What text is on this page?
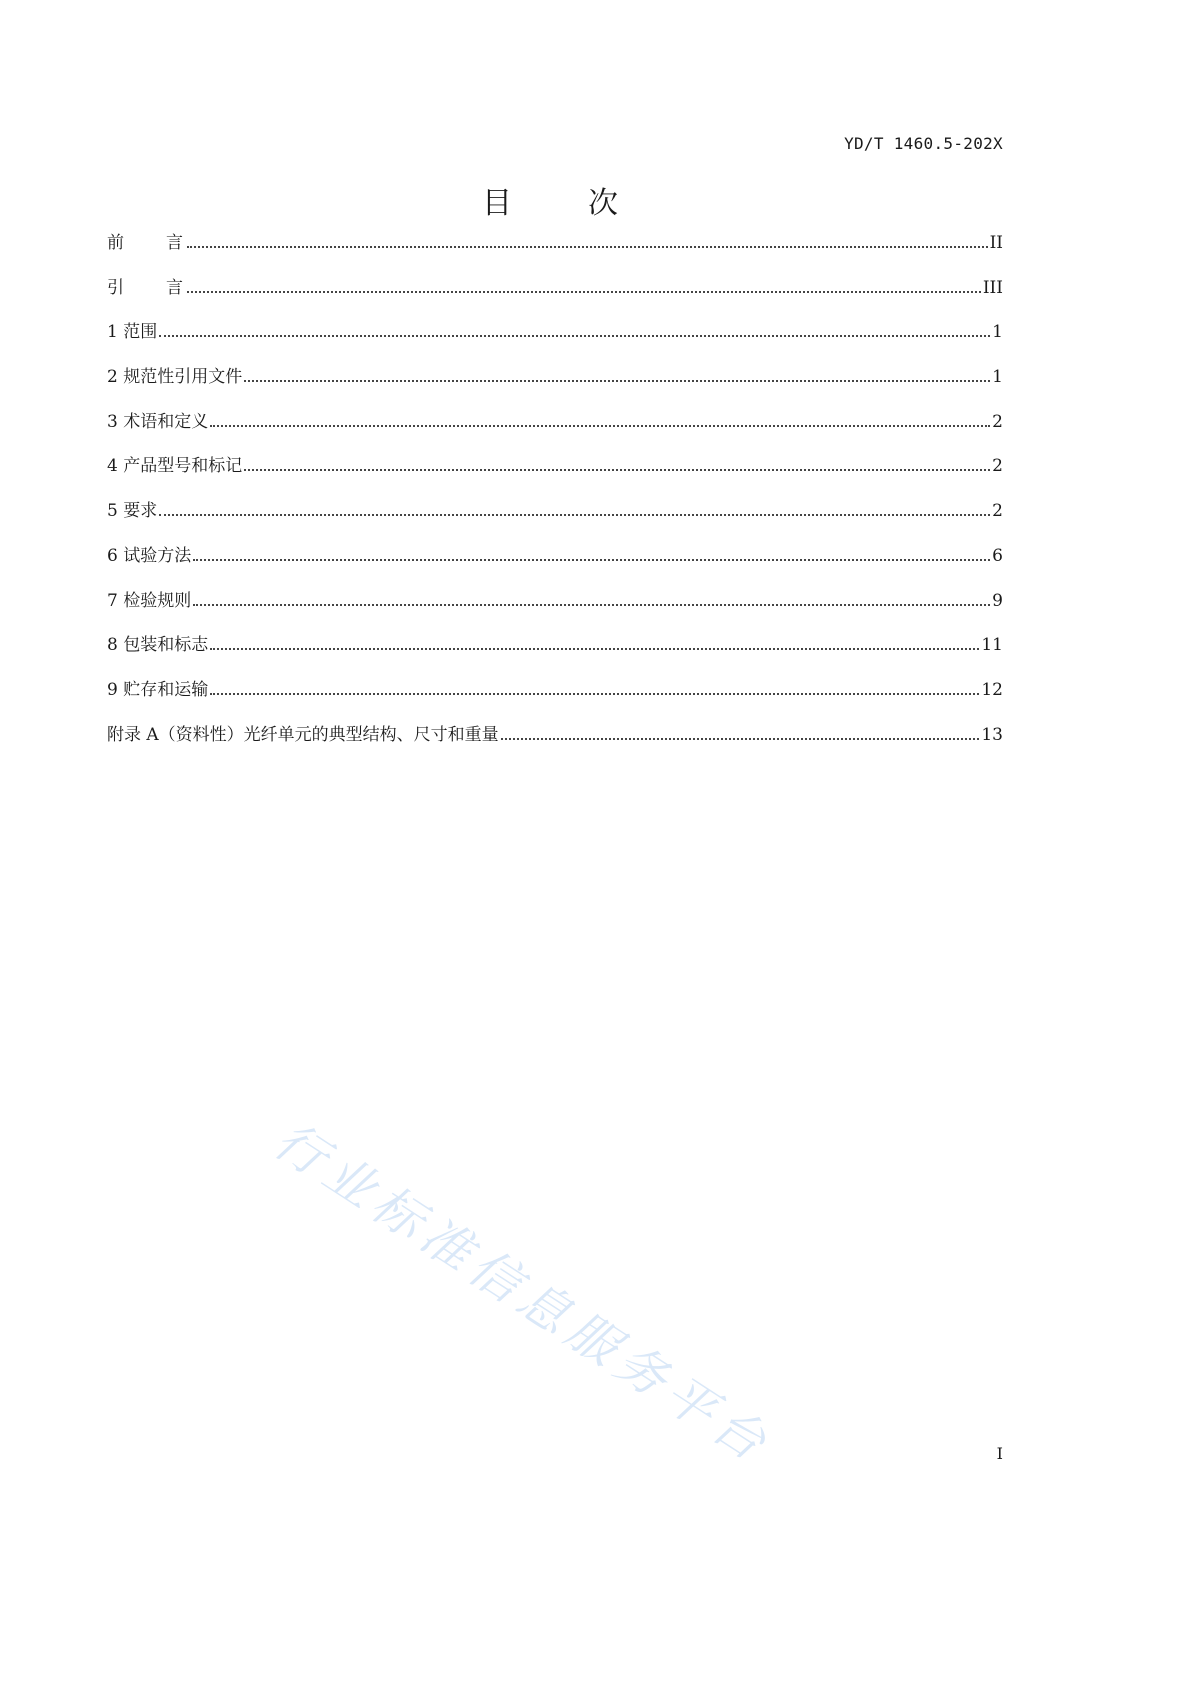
YD/T 1460.5-202X
目	次
前言	II
引言	III
1 范围	1
2 规范性引用文件	1
3 术语和定义	2
4 产品型号和标记	2
5 要求	2
6 试验方法	6
7 检验规则	9
8 包装和标志	11
9 贮存和运输	12
附录 A（资料性）光纤单元的典型结构、尺寸和重量	13
行业标准信息服务平台	I
